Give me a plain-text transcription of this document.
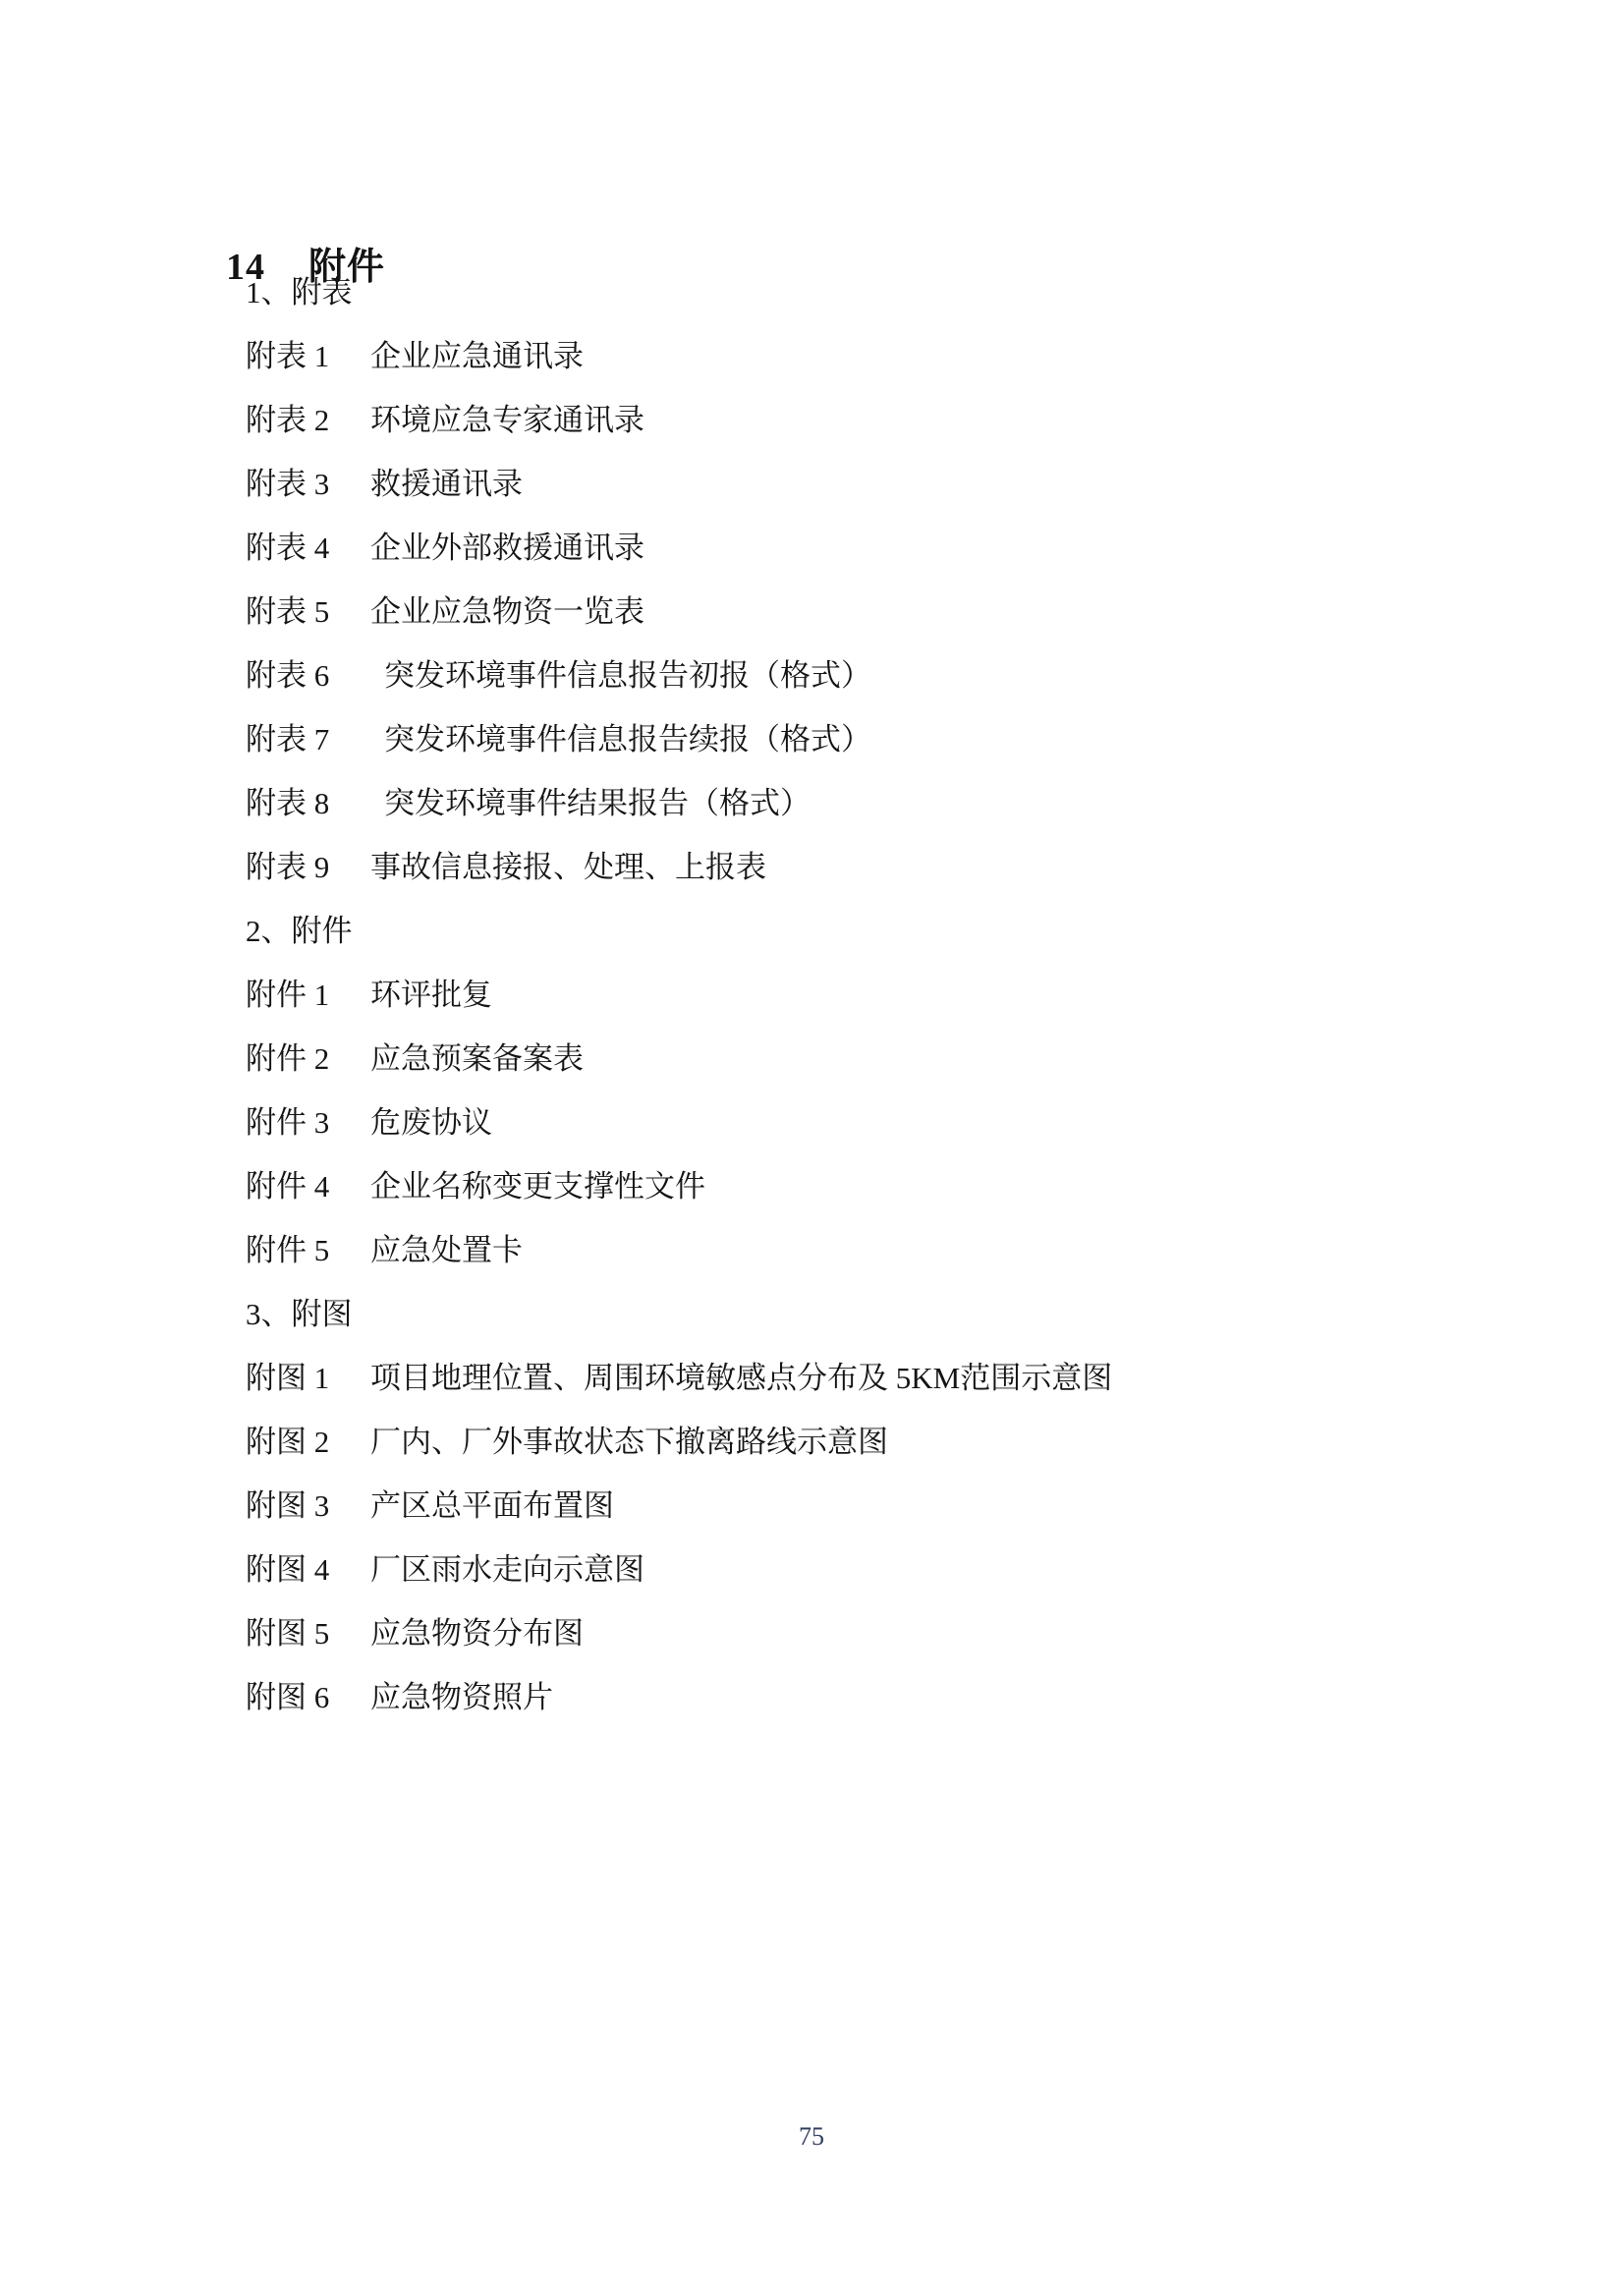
14 附件

1、附表
附表 1	企业应急通讯录
附表 2	环境应急专家通讯录
附表 3	救援通讯录
附表 4	企业外部救援通讯录
附表 5	企业应急物资一览表
附表 6	突发环境事件信息报告初报（格式）
附表 7	突发环境事件信息报告续报（格式）
附表 8	突发环境事件结果报告（格式）
附表 9	事故信息接报、处理、上报表
2、附件
附件 1	环评批复
附件 2	应急预案备案表
附件 3	危废协议
附件 4	企业名称变更支撑性文件
附件 5	应急处置卡
3、附图
附图 1	项目地理位置、周围环境敏感点分布及 5KM范围示意图
附图 2	厂内、厂外事故状态下撤离路线示意图
附图 3	产区总平面布置图
附图 4	厂区雨水走向示意图
附图 5	应急物资分布图
附图 6	应急物资照片
75
